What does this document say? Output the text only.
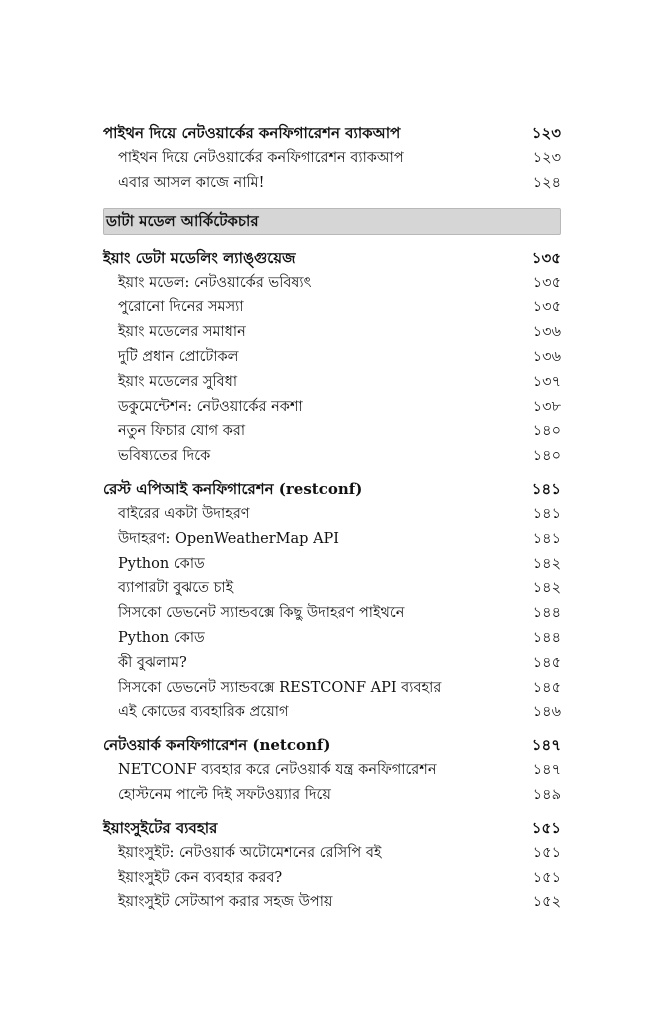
পাইথন দিয়ে নেটওয়ার্কের কনফিগারেশন ব্যাকআপ	১২৩
পাইথন দিয়ে নেটওয়ার্কের কনফিগারেশন ব্যাকআপ	১২৩
এবার আসল কাজে নামি!	১২৪
ডাটা মডেল আর্কিটেকচার
ইয়াং ডেটা মডেলিং ল্যাঙ্গুয়েজ	১৩৫
ইয়াং মডেল: নেটওয়ার্কের ভবিষ্যৎ	১৩৫
পুরোনো দিনের সমস্যা	১৩৫
ইয়াং মডেলের সমাধান	১৩৬
দুটি প্রধান প্রোটোকল	১৩৬
ইয়াং মডেলের সুবিধা	১৩৭
ডকুমেন্টেশন: নেটওয়ার্কের নকশা	১৩৮
নতুন ফিচার যোগ করা	১৪০
ভবিষ্যতের দিকে	১৪০
রেস্ট এপিআই কনফিগারেশন (restconf)	১৪১
বাইরের একটা উদাহরণ	১৪১
উদাহরণ: OpenWeatherMap API	১৪১
Python কোড	১৪২
ব্যাপারটা বুঝতে চাই	১৪২
সিসকো ডেভনেট স্যান্ডবক্সে কিছু উদাহরণ পাইথনে	১৪৪
Python কোড	১৪৪
কী বুঝলাম?	১৪৫
সিসকো ডেভনেট স্যান্ডবক্সে RESTCONF API ব্যবহার	১৪৫
এই কোডের ব্যবহারিক প্রয়োগ	১৪৬
নেটওয়ার্ক কনফিগারেশন (netconf)	১৪৭
NETCONF ব্যবহার করে নেটওয়ার্ক যন্ত্র কনফিগারেশন	১৪৭
হোস্টনেম পাল্টে দিই সফটওয়্যার দিয়ে	১৪৯
ইয়াংসুইটের ব্যবহার	১৫১
ইয়াংসুইট: নেটওয়ার্ক অটোমেশনের রেসিপি বই	১৫১
ইয়াংসুইট কেন ব্যবহার করব?	১৫১
ইয়াংসুইট সেটআপ করার সহজ উপায়	১৫২
